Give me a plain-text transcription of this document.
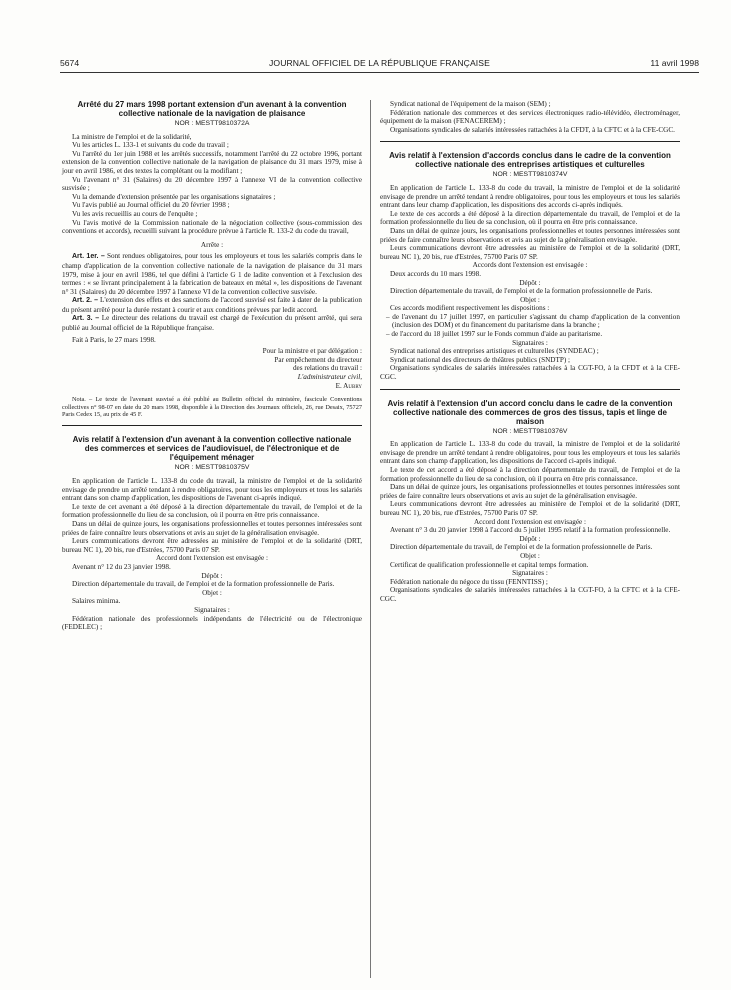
5674	JOURNAL OFFICIEL DE LA RÉPUBLIQUE FRANÇAISE	11 avril 1998
Arrêté du 27 mars 1998 portant extension d'un avenant à la convention collective nationale de la navigation de plaisance
NOR : MESTT9810372A

La ministre de l'emploi et de la solidarité,

Vu les articles L. 133-1 et suivants du code du travail ;

Vu l'arrêté du 1er juin 1988 et les arrêtés successifs, notamment l'arrêté du 22 octobre 1996, portant extension de la convention collective nationale de la navigation de plaisance du 31 mars 1979, mise à jour en avril 1986, et des textes la complétant ou la modifiant ;

Vu l'avenant n° 31 (Salaires) du 20 décembre 1997 à l'annexe VI de la convention collective susvisée ;

Vu la demande d'extension présentée par les organisations signataires ;

Vu l'avis publié au Journal officiel du 20 février 1998 ;

Vu les avis recueillis au cours de l'enquête ;

Vu l'avis motivé de la Commission nationale de la négociation collective (sous-commission des conventions et accords), recueilli suivant la procédure prévue à l'article R. 133-2 du code du travail,

Arrête :

Art. 1er. – Sont rendues obligatoires, pour tous les employeurs et tous les salariés compris dans le champ d'application de la convention collective nationale de la navigation de plaisance du 31 mars 1979, mise à jour en avril 1986, tel que défini à l'article G 1 de ladite convention et à l'exclusion des termes : « se livrant principalement à la fabrication de bateaux en métal », les dispositions de l'avenant n° 31 (Salaires) du 20 décembre 1997 à l'annexe VI de la convention collective susvisée.

Art. 2. – L'extension des effets et des sanctions de l'accord susvisé est faite à dater de la publication du présent arrêté pour la durée restant à courir et aux conditions prévues par ledit accord.

Art. 3. – Le directeur des relations du travail est chargé de l'exécution du présent arrêté, qui sera publié au Journal officiel de la République française.

Fait à Paris, le 27 mars 1998.

Pour la ministre et par délégation :

Par empêchement du directeur

des relations du travail :

L'administrateur civil,

E. Aubry

Nota. – Le texte de l'avenant susvisé a été publié au Bulletin officiel du ministère, fascicule Conventions collectives n° 98-07 en date du 20 mars 1998, disponible à la Direction des Journaux officiels, 26, rue Desaix, 75727 Paris Cedex 15, au prix de 45 F.
Avis relatif à l'extension d'un avenant à la convention collective nationale des commerces et services de l'audiovisuel, de l'électronique et de l'équipement ménager
NOR : MESTT9810375V

En application de l'article L. 133-8 du code du travail, la ministre de l'emploi et de la solidarité envisage de prendre un arrêté tendant à rendre obligatoires, pour tous les employeurs et tous les salariés entrant dans son champ d'application, les dispositions de l'avenant ci-après indiqué.

Le texte de cet avenant a été déposé à la direction départementale du travail, de l'emploi et de la formation professionnelle du lieu de sa conclusion, où il pourra en être pris connaissance.

Dans un délai de quinze jours, les organisations professionnelles et toutes personnes intéressées sont priées de faire connaître leurs observations et avis au sujet de la généralisation envisagée.

Leurs communications devront être adressées au ministère de l'emploi et de la solidarité (DRT, bureau NC 1), 20 bis, rue d'Estrées, 75700 Paris 07 SP.

Accord dont l'extension est envisagée :

Avenant n° 12 du 23 janvier 1998.

Dépôt :

Direction départementale du travail, de l'emploi et de la formation professionnelle de Paris.

Objet :

Salaires minima.

Signataires :

Fédération nationale des professionnels indépendants de l'électricité ou de l'électronique (FEDELEC) ;

Syndicat national de l'équipement de la maison (SEM) ;

Fédération nationale des commerces et des services électroniques radio-télévidéo, électroménager, équipement de la maison (FENACEREM) ;

Organisations syndicales de salariés intéressées rattachées à la CFDT, à la CFTC et à la CFE-CGC.

Avis relatif à l'extension d'accords conclus dans le cadre de la convention collective nationale des entreprises artistiques et culturelles
NOR : MESTT9810374V

En application de l'article L. 133-8 du code du travail, la ministre de l'emploi et de la solidarité envisage de prendre un arrêté tendant à rendre obligatoires, pour tous les employeurs et tous les salariés entrant dans leur champ d'application, les dispositions des accords ci-après indiqués.

Le texte de ces accords a été déposé à la direction départementale du travail, de l'emploi et de la formation professionnelle du lieu de sa conclusion, où il pourra en être pris connaissance.

Dans un délai de quinze jours, les organisations professionnelles et toutes personnes intéressées sont priées de faire connaître leurs observations et avis au sujet de la généralisation envisagée.

Leurs communications devront être adressées au ministère de l'emploi et de la solidarité (DRT, bureau NC 1), 20 bis, rue d'Estrées, 75700 Paris 07 SP.

Accords dont l'extension est envisagée :

Deux accords du 10 mars 1998.

Dépôt :

Direction départementale du travail, de l'emploi et de la formation professionnelle de Paris.

Objet :

Ces accords modifient respectivement les dispositions :

– de l'avenant du 17 juillet 1997, en particulier s'agissant du champ d'application de la convention (inclusion des DOM) et du financement du paritarisme dans la branche ;

– de l'accord du 18 juillet 1997 sur le Fonds commun d'aide au paritarisme.

Signataires :

Syndicat national des entreprises artistiques et culturelles (SYNDEAC) ;

Syndicat national des directeurs de théâtres publics (SNDTP) ;

Organisations syndicales de salariés intéressées rattachées à la CGT-FO, à la CFDT et à la CFE-CGC.

Avis relatif à l'extension d'un accord conclu dans le cadre de la convention collective nationale des commerces de gros des tissus, tapis et linge de maison
NOR : MESTT9810376V

En application de l'article L. 133-8 du code du travail, la ministre de l'emploi et de la solidarité envisage de prendre un arrêté tendant à rendre obligatoires, pour tous les employeurs et tous les salariés entrant dans son champ d'application, les dispositions de l'accord ci-après indiqué.

Le texte de cet accord a été déposé à la direction départementale du travail, de l'emploi et de la formation professionnelle du lieu de sa conclusion, où il pourra en être pris connaissance.

Dans un délai de quinze jours, les organisations professionnelles et toutes personnes intéressées sont priées de faire connaître leurs observations et avis au sujet de la généralisation envisagée.

Leurs communications devront être adressées au ministère de l'emploi et de la solidarité (DRT, bureau NC 1), 20 bis, rue d'Estrées, 75700 Paris 07 SP.

Accord dont l'extension est envisagée :

Avenant n° 3 du 20 janvier 1998 à l'accord du 5 juillet 1995 relatif à la formation professionnelle.

Dépôt :

Direction départementale du travail, de l'emploi et de la formation professionnelle de Paris.

Objet :

Certificat de qualification professionnelle et capital temps formation.

Signataires :

Fédération nationale du négoce du tissu (FENNTISS) ;

Organisations syndicales de salariés intéressées rattachées à la CGT-FO, à la CFTC et à la CFE-CGC.
